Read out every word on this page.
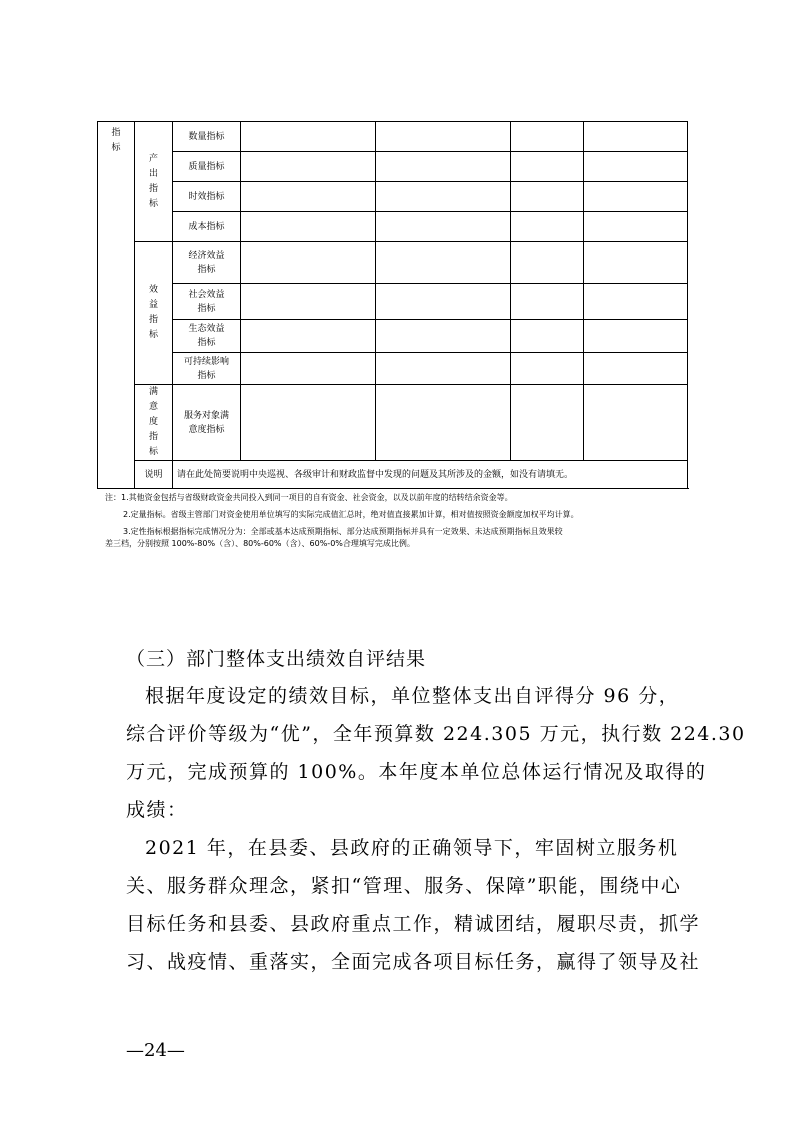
指标	产出指标	数量指标				
		质量指标				
		时效指标				
		成本指标				

	效益指标	经济效益指标				

		社会效益指标				

		生态效益指标				

		可持续影响指标				

	满意度指标	服务对象满意度指标				

	说明	请在此处简要说明中央巡视、各级审计和财政监督中发现的问题及其所涉及的金额，如没有请填无。				

注：1.其他资金包括与省级财政资金共同投入到同一项目的自有资金、社会资金，以及以前年度的结转结余资金等。

2.定量指标。省级主管部门对资金使用单位填写的实际完成值汇总时，绝对值直接累加计算，相对值按照资金额度加权平均计算。

3.定性指标根据指标完成情况分为：全部或基本达成预期指标、部分达成预期指标并具有一定效果、未达成预期指标且效果较

差三档，分别按照 100%-80%（含）、80%-60%（含）、60%-0%合理填写完成比例。

（三）部门整体支出绩效自评结果
根据年度设定的绩效目标，单位整体支出自评得分 96 分，
综合评价等级为“优”，全年预算数 224.305 万元，执行数 224.30
万元，完成预算的 100%。本年度本单位总体运行情况及取得的
成绩：
2021 年，在县委、县政府的正确领导下，牢固树立服务机
关、服务群众理念，紧扣“管理、服务、保障”职能，围绕中心
目标任务和县委、县政府重点工作，精诚团结，履职尽责，抓学
习、战疫情、重落实，全面完成各项目标任务，赢得了领导及社
—24—
